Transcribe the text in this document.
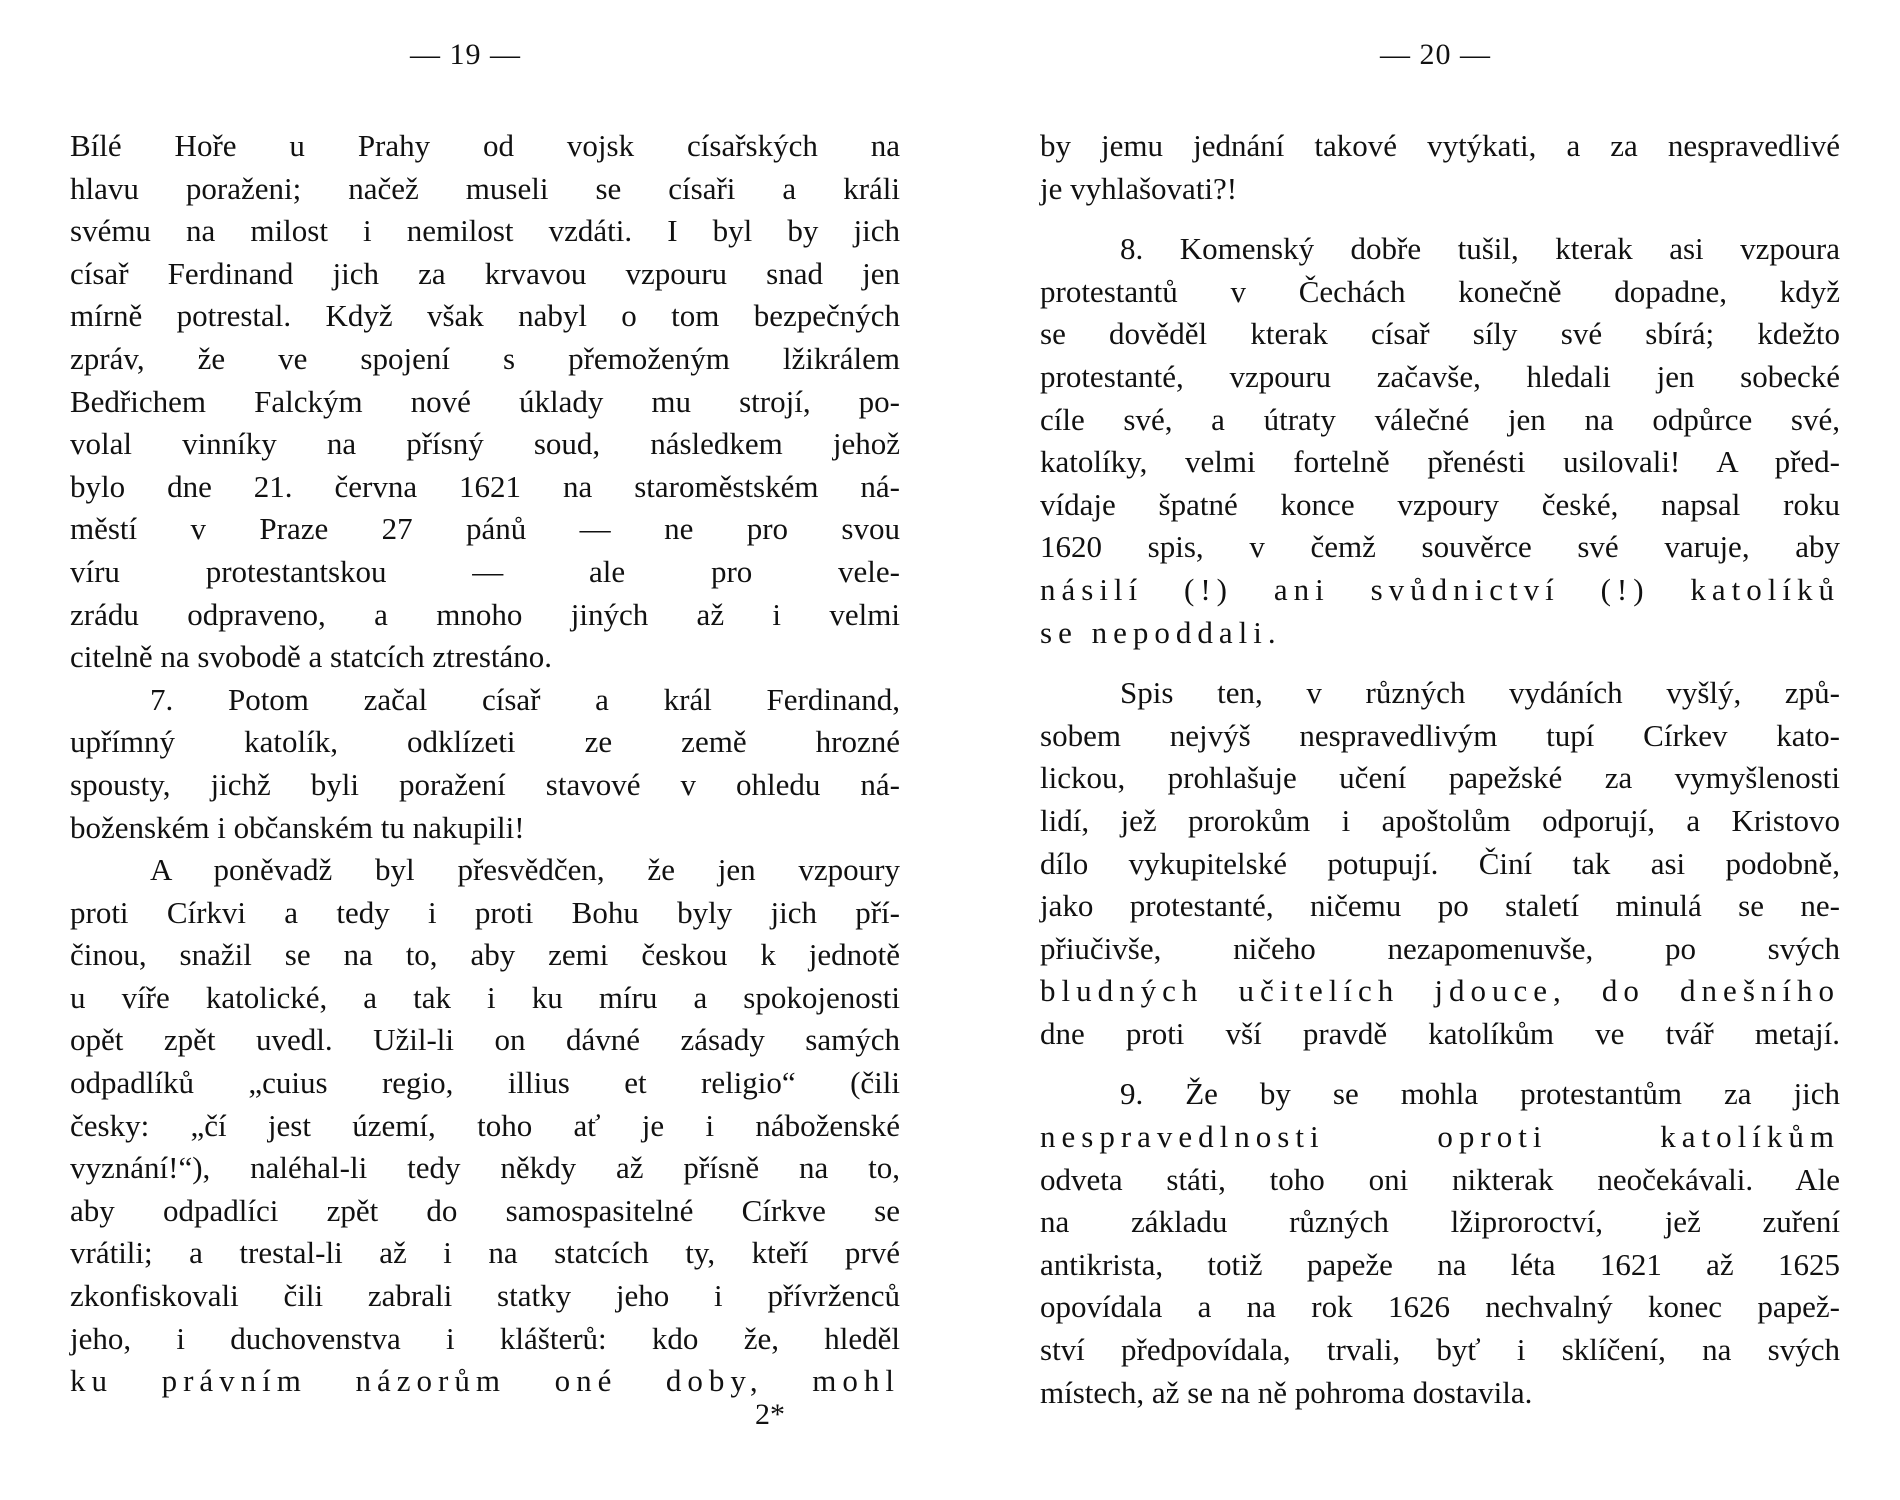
— 19 —
Bílé Hoře u Prahy od vojsk císařských na
hlavu poraženi; načež museli se císaři a králi
svému na milost i nemilost vzdáti. I byl by jich
císař Ferdinand jich za krvavou vzpouru snad jen
mírně potrestal. Když však nabyl o tom bezpečných
zpráv, že ve spojení s přemoženým lžikrálem
Bedřichem Falckým nové úklady mu strojí, po-
volal vinníky na přísný soud, následkem jehož
bylo dne 21. června 1621 na staroměstském ná-
městí v Praze 27 pánů — ne pro svou
víru protestantskou — ale pro vele-
zrádu odpraveno, a mnoho jiných až i velmi
citelně na svobodě a statcích ztrestáno.
7. Potom začal císař a král Ferdinand,
upřímný katolík, odklízeti ze země hrozné
spousty, jichž byli poražení stavové v ohledu ná-
boženském i občanském tu nakupili!
A poněvadž byl přesvědčen, že jen vzpoury
proti Církvi a tedy i proti Bohu byly jich pří-
činou, snažil se na to, aby zemi českou k jednotě
u víře katolické, a tak i ku míru a spokojenosti
opět zpět uvedl. Užil-li on dávné zásady samých
odpadlíků „cuius regio, illius et religio“ (čili
česky: „čí jest území, toho ať je i náboženské
vyznání!“), naléhal-li tedy někdy až přísně na to,
aby odpadlíci zpět do samospasitelné Církve se
vrátili; a trestal-li až i na statcích ty, kteří prvé
zkonfiskovali čili zabrali statky jeho i přívrženců
jeho, i duchovenstva i klášterů: kdo že, hleděl
ku právním názorům oné doby, mohl
2*
— 20 —
by jemu jednání takové vytýkati, a za nespravedlivé
je vyhlašovati?!
8. Komenský dobře tušil, kterak asi vzpoura
protestantů v Čechách konečně dopadne, když
se dověděl kterak císař síly své sbírá; kdežto
protestanté, vzpouru začavše, hledali jen sobecké
cíle své, a útraty válečné jen na odpůrce své,
katolíky, velmi fortelně přenésti usilovali! A před-
vídaje špatné konce vzpoury české, napsal roku
1620 spis, v čemž souvěrce své varuje, aby
násilí (!) ani svůdnictví (!) katolíků
se nepoddali.
Spis ten, v různých vydáních vyšlý, způ-
sobem nejvýš nespravedlivým tupí Církev kato-
lickou, prohlašuje učení papežské za vymyšlenosti
lidí, jež prorokům i apoštolům odporují, a Kristovo
dílo vykupitelské potupují. Činí tak asi podobně,
jako protestanté, ničemu po staletí minulá se ne-
přiučivše, ničeho nezapomenuvše, po svých
bludných učitelích jdouce, do dnešního
dne proti vší pravdě katolíkům ve tvář metají.
9. Že by se mohla protestantům za jich
nespravedlnosti oproti katolíkům
odveta státi, toho oni nikterak neočekávali. Ale
na základu různých lžiproroctví, jež zuření
antikrista, totiž papeže na léta 1621 až 1625
opovídala a na rok 1626 nechvalný konec papež-
ství předpovídala, trvali, byť i sklíčení, na svých
místech, až se na ně pohroma dostavila.
